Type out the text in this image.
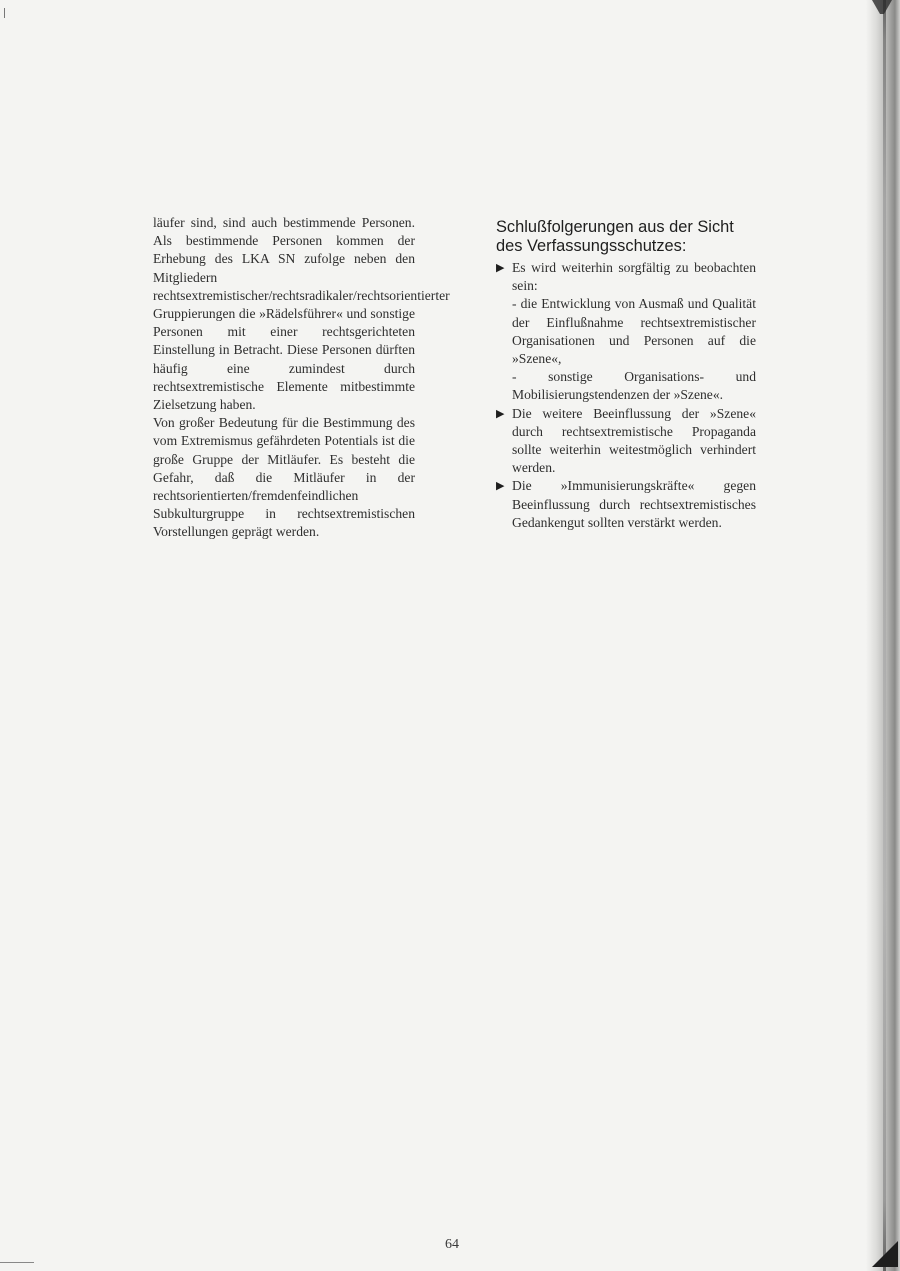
läufer sind, sind auch bestimmende Personen. Als bestimmende Personen kommen der Erhebung des LKA SN zufolge neben den Mitgliedern rechtsextremistischer/rechtsradikaler/rechtsorientierter Gruppierungen die »Rädelsführer« und sonstige Personen mit einer rechtsgerichteten Einstellung in Betracht. Diese Personen dürften häufig eine zumindest durch rechtsextremistische Elemente mitbestimmte Zielsetzung haben.

Von großer Bedeutung für die Bestimmung des vom Extremismus gefährdeten Potentials ist die große Gruppe der Mitläufer. Es besteht die Gefahr, daß die Mitläufer in der rechtsorientierten/fremdenfeindlichen Subkulturgruppe in rechtsextremistischen Vorstellungen geprägt werden.

Schlußfolgerungen aus der Sicht des Verfassungsschutzes:
▶ Es wird weiterhin sorgfältig zu beobachten sein:
- die Entwicklung von Ausmaß und Qualität der Einflußnahme rechtsextremistischer Organisationen und Personen auf die »Szene«,
- sonstige Organisations- und Mobilisierungstendenzen der »Szene«.
▶ Die weitere Beeinflussung der »Szene« durch rechtsextremistische Propaganda sollte weiterhin weitestmöglich verhindert werden.
▶ Die »Immunisierungskräfte« gegen Beeinflussung durch rechtsextremistisches Gedankengut sollten verstärkt werden.
64
